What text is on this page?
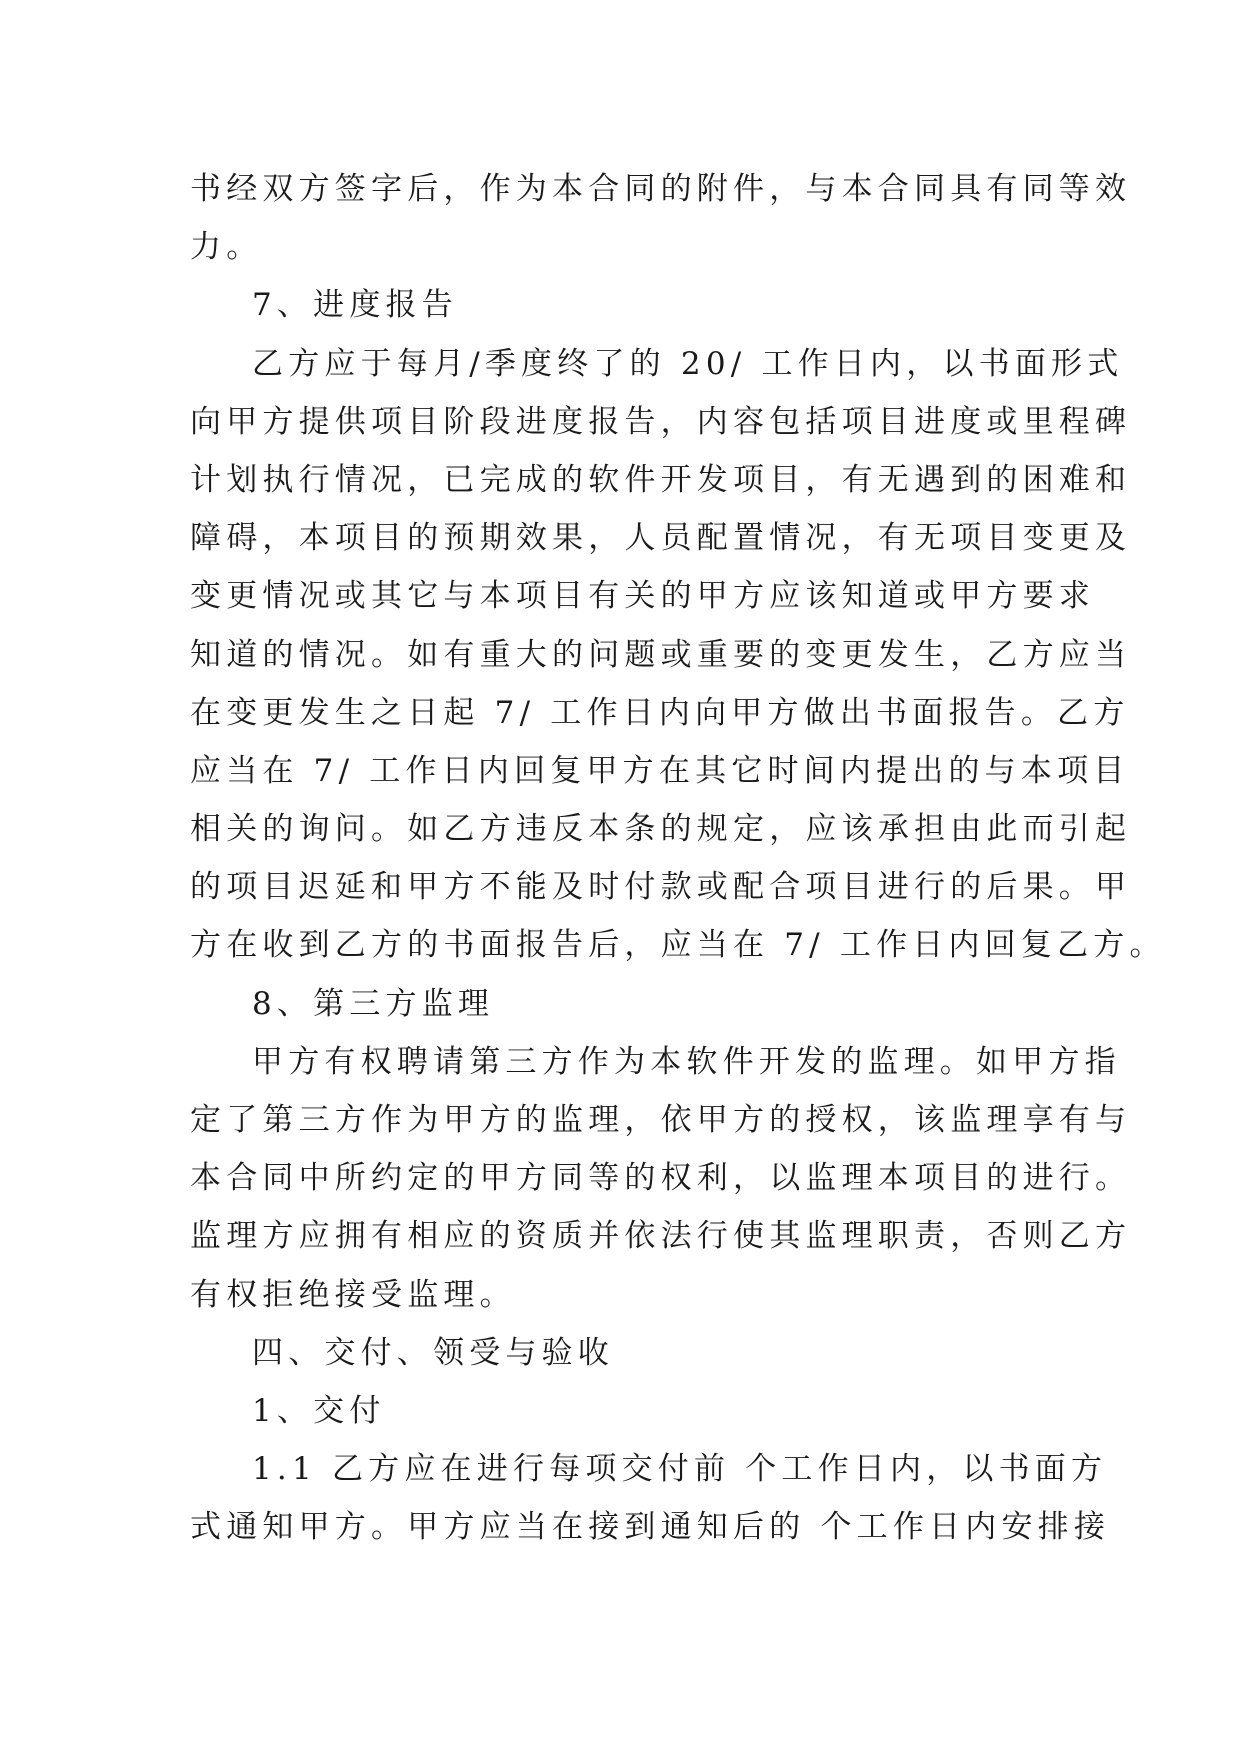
书经双方签字后，作为本合同的附件，与本合同具有同等效
力。
7、进度报告
乙方应于每月/季度终了的 20/ 工作日内，以书面形式
向甲方提供项目阶段进度报告，内容包括项目进度或里程碑
计划执行情况，已完成的软件开发项目，有无遇到的困难和
障碍，本项目的预期效果，人员配置情况，有无项目变更及
变更情况或其它与本项目有关的甲方应该知道或甲方要求
知道的情况。如有重大的问题或重要的变更发生，乙方应当
在变更发生之日起 7/ 工作日内向甲方做出书面报告。乙方
应当在 7/ 工作日内回复甲方在其它时间内提出的与本项目
相关的询问。如乙方违反本条的规定，应该承担由此而引起
的项目迟延和甲方不能及时付款或配合项目进行的后果。甲
方在收到乙方的书面报告后，应当在 7/ 工作日内回复乙方。
8、第三方监理
甲方有权聘请第三方作为本软件开发的监理。如甲方指
定了第三方作为甲方的监理，依甲方的授权，该监理享有与
本合同中所约定的甲方同等的权利，以监理本项目的进行。
监理方应拥有相应的资质并依法行使其监理职责，否则乙方
有权拒绝接受监理。
四、交付、领受与验收
1、交付
1.1 乙方应在进行每项交付前 个工作日内，以书面方
式通知甲方。甲方应当在接到通知后的 个工作日内安排接
